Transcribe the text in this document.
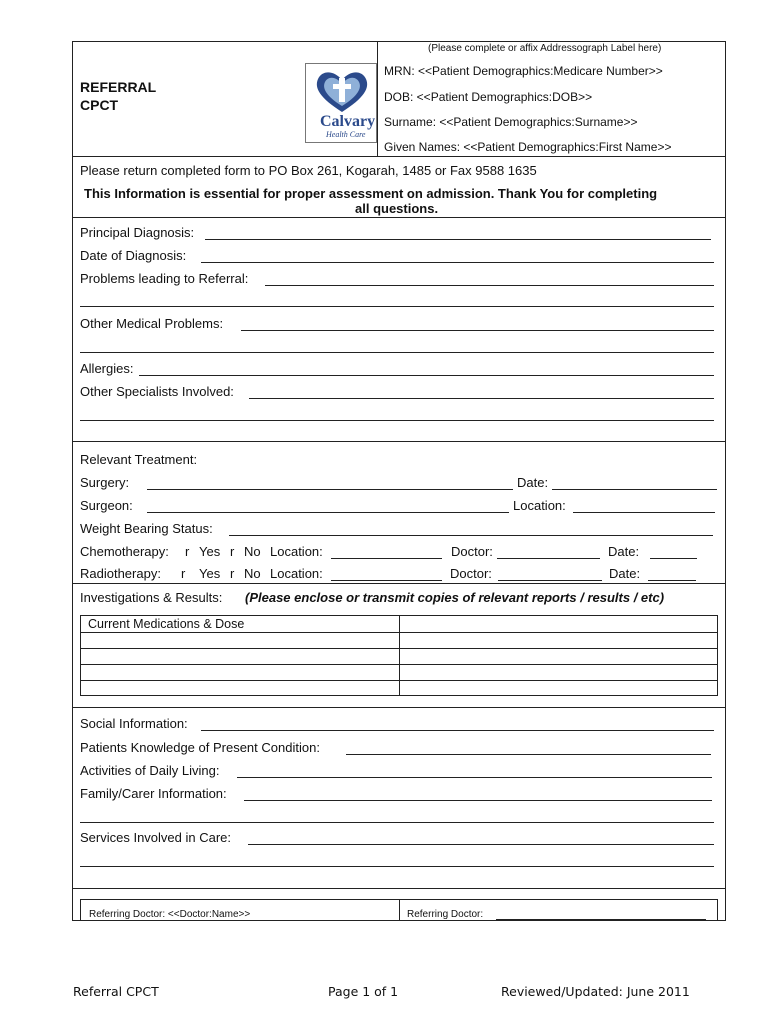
REFERRAL
CPCT
Calvary
Health Care
(Please complete or affix Addressograph Label here)
MRN: <<Patient Demographics:Medicare Number>>
DOB: <<Patient Demographics:DOB>>
Surname: <<Patient Demographics:Surname>>
Given Names: <<Patient Demographics:First Name>>
Please return completed form to PO Box 261, Kogarah, 1485 or Fax 9588 1635
This Information is essential for proper assessment on admission. Thank You for completing
all questions.
Principal Diagnosis:
Date of Diagnosis:
Problems leading to Referral:
Other Medical Problems:
Allergies:
Other Specialists Involved:
Relevant Treatment:
Surgery:	Date:
Surgeon:	Location:
Weight Bearing Status:
Chemotherapy: r Yes r No Location:	Doctor:	Date:
Radiotherapy: r Yes r No Location:	Doctor:	Date:
Investigations & Results: (Please enclose or transmit copies of relevant reports / results / etc)
Current Medications & Dose
Social Information:
Patients Knowledge of Present Condition:
Activities of Daily Living:
Family/Carer Information:
Services Involved in Care:
Referring Doctor: <<Doctor:Name>>	Referring Doctor:
Referral CPCT	Page 1 of 1	Reviewed/Updated: June 2011
